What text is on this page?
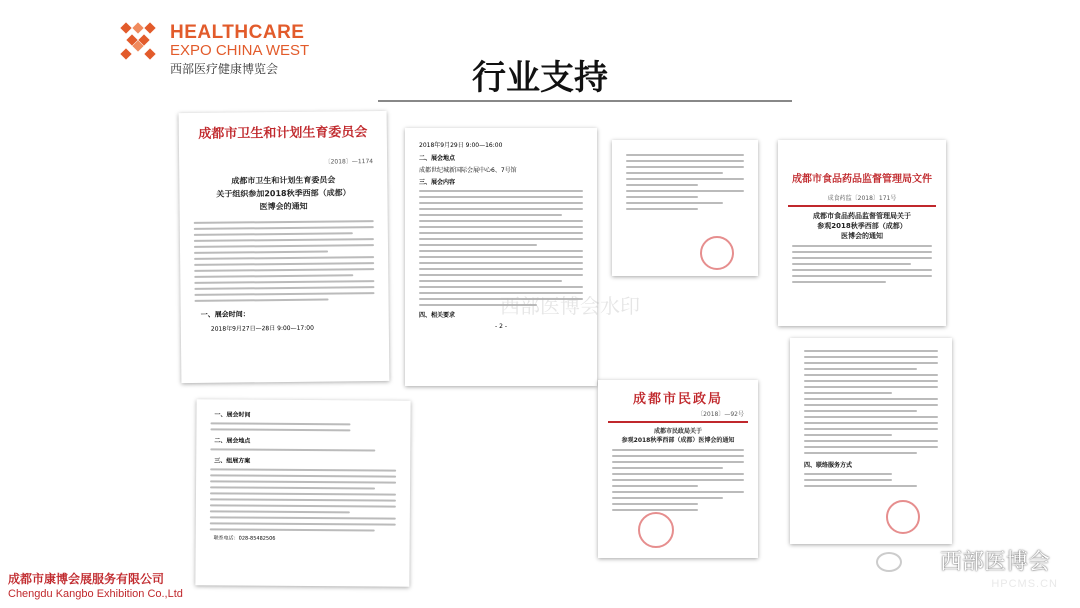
HEALTHCARE
EXPO CHINA WEST
西部医疗健康博览会	行业支持
成都市卫生和计划生育委员会
〔2018〕—1174
成都市卫生和计划生育委员会
关于组织参加2018秋季西部（成都）
医博会的通知
一、展会时间：
2018年9月27日—28日 9:00—17:00
一、展会时间
二、展会地点
三、组展方案
联系电话：028-85482506
2018年9月29日 9:00—16:00
二、展会地点
成都世纪城新国际会展中心6、7号馆
三、展会内容
四、相关要求
- 2 -
成都市民政局
〔2018〕—92号
成都市民政局关于
参观2018秋季西部（成都）医博会的通知
成都市食品药品监督管理局文件
成食药监〔2018〕171号
成都市食品药品监督管理局关于
参观2018秋季西部（成都）
医博会的通知
四、联络服务方式
西部医博会水印
成都市康博会展服务有限公司
Chengdu Kangbo Exhibition Co.,Ltd
西部医博会
HPCMS.CN
